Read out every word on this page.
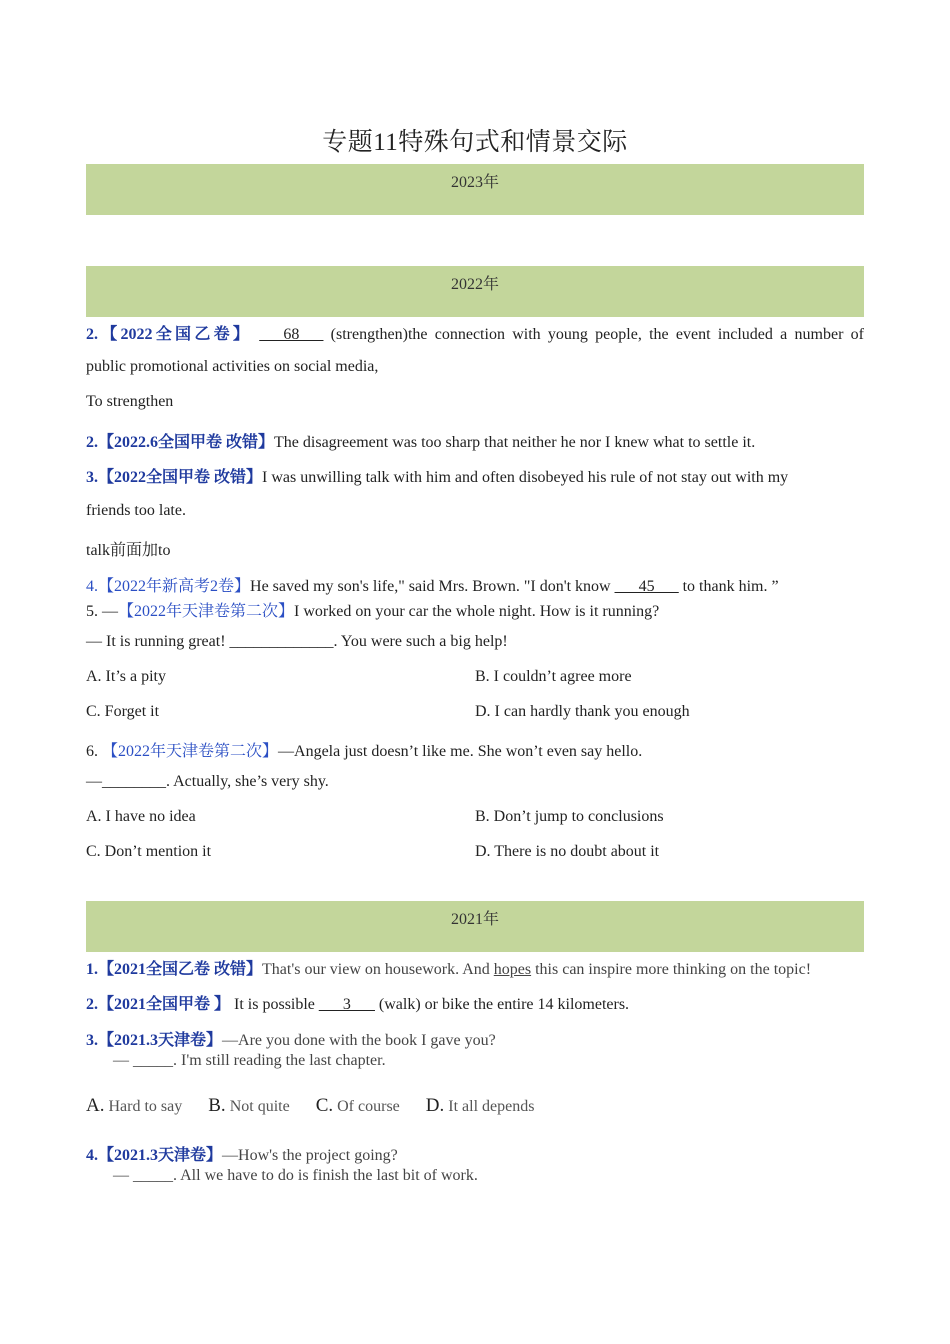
专题11特殊句式和情景交际
2023年
2022年
2.【2022全国乙卷】 ___68___ (strengthen)the connection with young people, the event included a number of
public promotional activities on social media,
To strengthen
2.【2022.6全国甲卷 改错】The disagreement was too sharp that neither he nor I knew what to settle it.
3.【2022全国甲卷 改错】I was unwilling talk with him and often disobeyed his rule of not stay out with my
friends too late.
talk前面加to
4.【2022年新高考2卷】He saved my son's life," said Mrs. Brown. "I don't know ___45___ to thank him. ”
5. —【2022年天津卷第二次】I worked on your car the whole night. How is it running?
— It is running great! _____________. You were such a big help!
A. It’s a pity	B. I couldn’t agree more
C. Forget it	D. I can hardly thank you enough
6. 【2022年天津卷第二次】—Angela just doesn’t like me. She won’t even say hello.
—________. Actually, she’s very shy.
A. I have no idea	B. Don’t jump to conclusions
C. Don’t mention it	D. There is no doubt about it
2021年
1.【2021全国乙卷 改错】That's our view on housework. And hopes this can inspire more thinking on the topic!
2.【2021全国甲卷 】 It is possible ___3___ (walk) or bike the entire 14 kilometers.
3.【2021.3天津卷】—Are you done with the book I gave you?
— _____. I'm still reading the last chapter.
A. Hard to say B. Not quite C. Of course D. It all depends
4.【2021.3天津卷】—How's the project going?
— _____. All we have to do is finish the last bit of work.
